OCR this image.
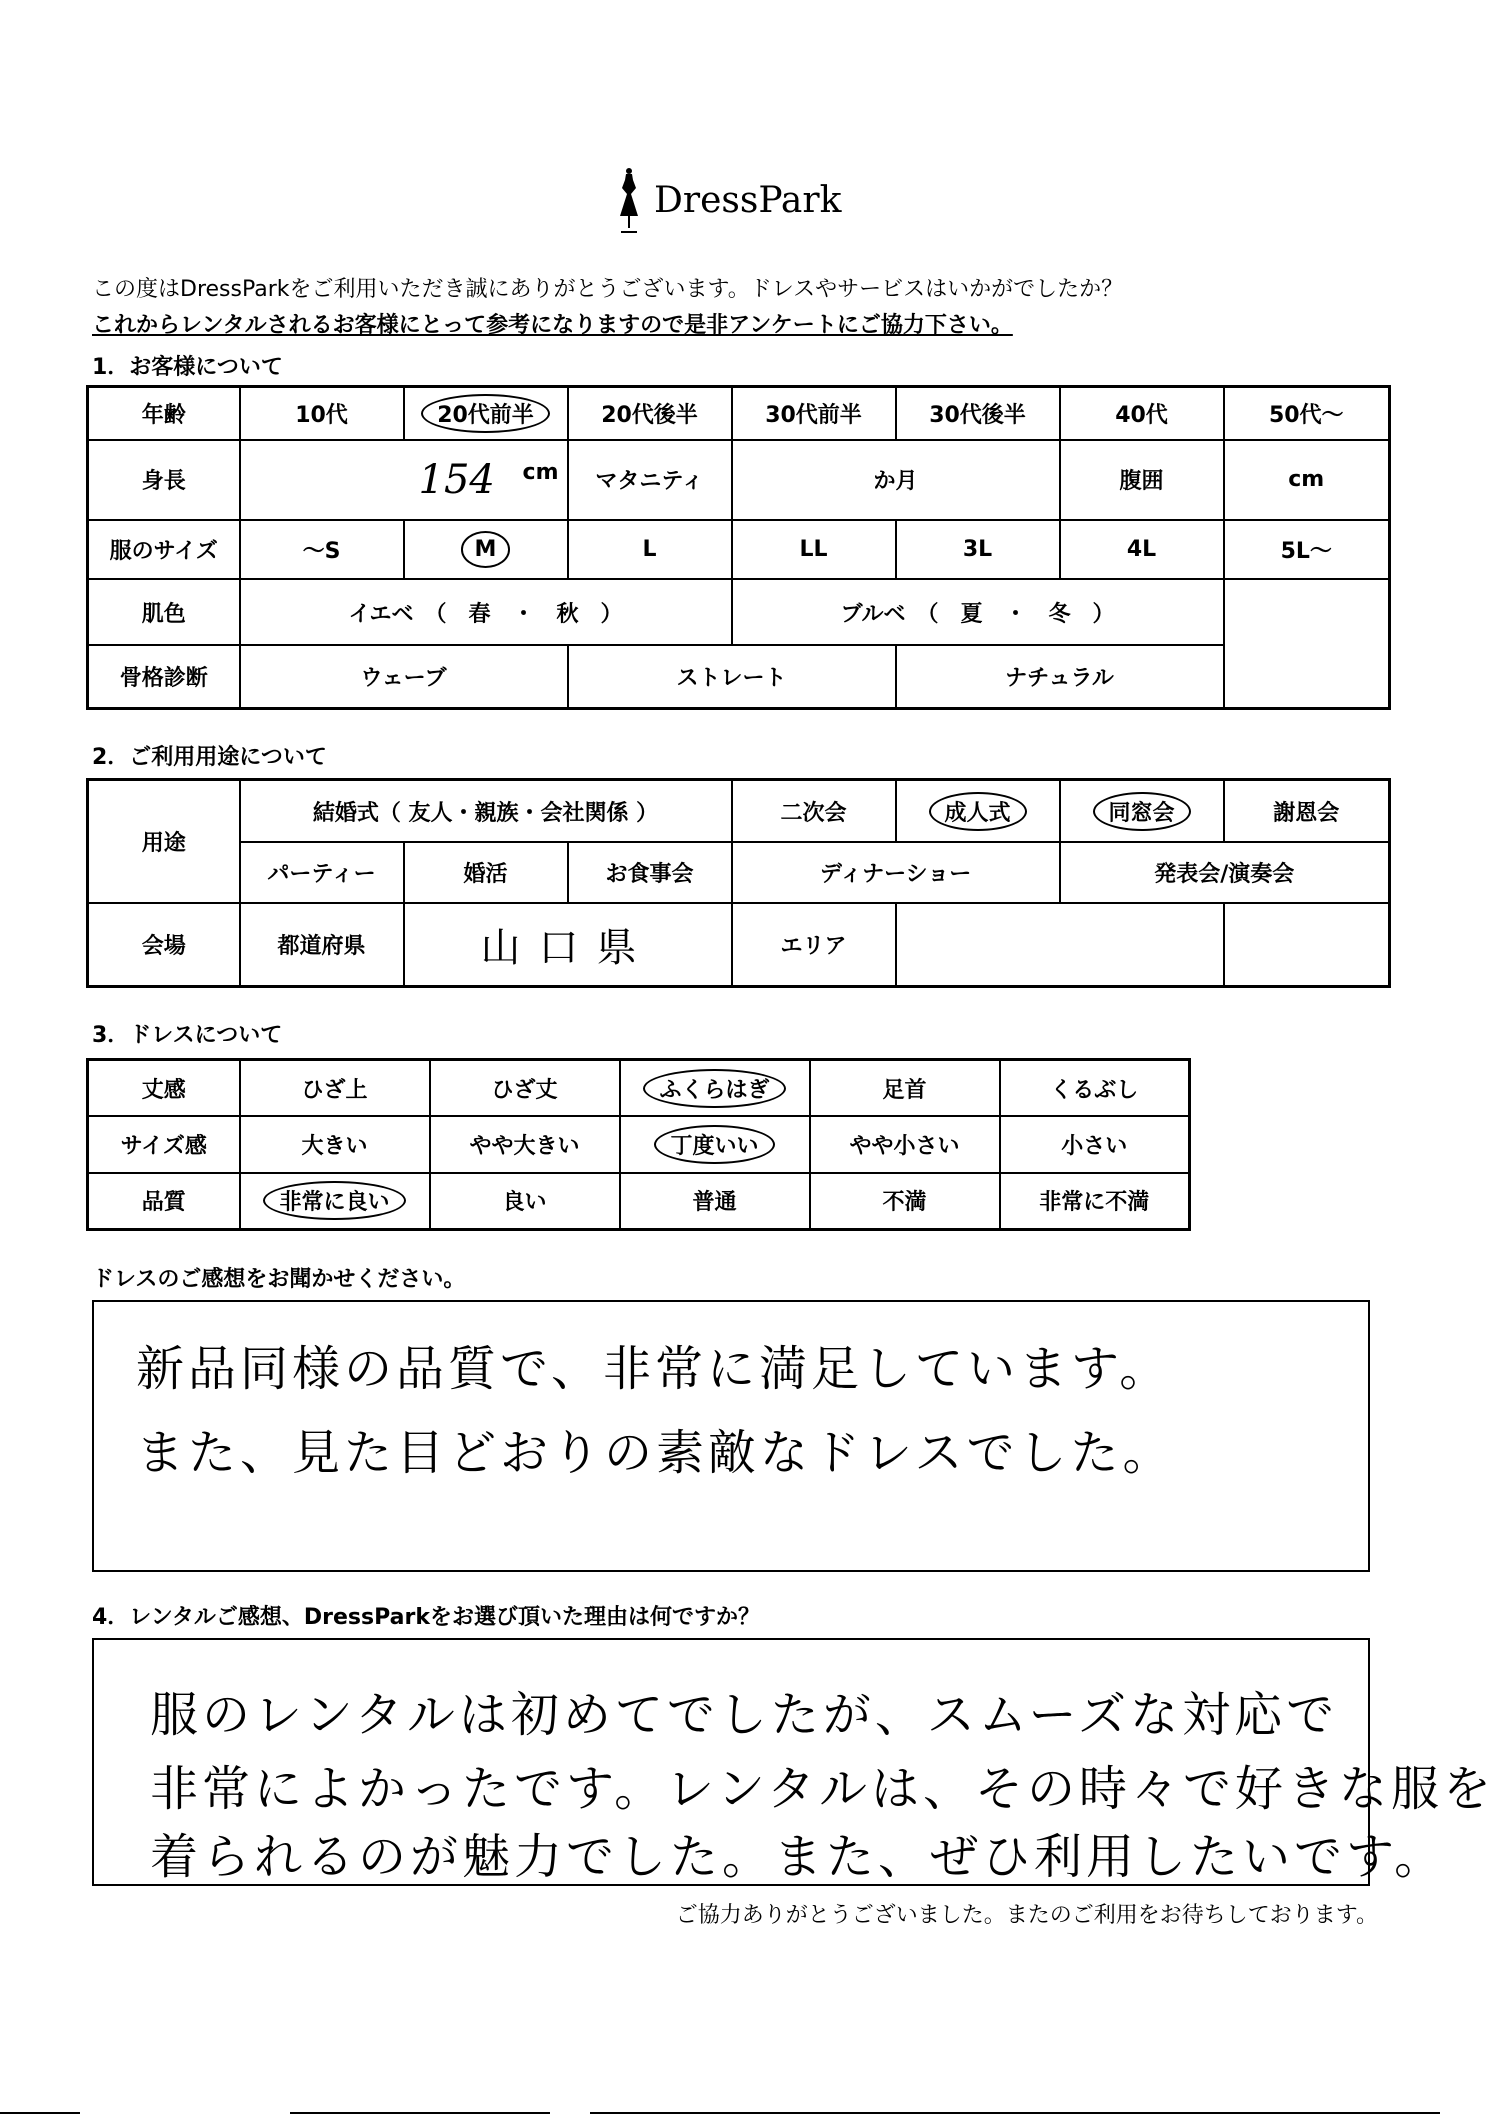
DressPark
この度はDressParkをご利用いただき誠にありがとうございます。ドレスやサービスはいかがでしたか？
これからレンタルされるお客様にとって参考になりますので是非アンケートにご協力下さい。
1．お客様について
年齢	10代	20代前半	20代後半	30代前半	30代後半	40代	50代〜
身長	154 cm		マタニティ	か月		腹囲	cm
服のサイズ	〜S	M	L	LL	3L	4L	5L〜
肌色	イエベ　（　春　・　秋　）			ブルベ　（　夏　・　冬　）			
骨格診断	ウェーブ		ストレート		ナチュラル		
2．ご利用用途について
用途	結婚式（ 友人・親族・会社関係 ）			二次会	成人式	同窓会	謝恩会
	パーティー	婚活	お食事会	ディナーショー		発表会/演奏会	
会場	都道府県	山口県		エリア			
3．ドレスについて
丈感	ひざ上	ひざ丈	ふくらはぎ	足首	くるぶし
サイズ感	大きい	やや大きい	丁度いい	やや小さい	小さい
品質	非常に良い	良い	普通	不満	非常に不満
ドレスのご感想をお聞かせください。
新品同様の品質で、非常に満足しています。
また、見た目どおりの素敵なドレスでした。
4．レンタルご感想、DressParkをお選び頂いた理由は何ですか？
服のレンタルは初めてでしたが、スムーズな対応で
非常によかったです。レンタルは、その時々で好きな服を
着られるのが魅力でした。また、ぜひ利用したいです。
ご協力ありがとうございました。またのご利用をお待ちしております。
